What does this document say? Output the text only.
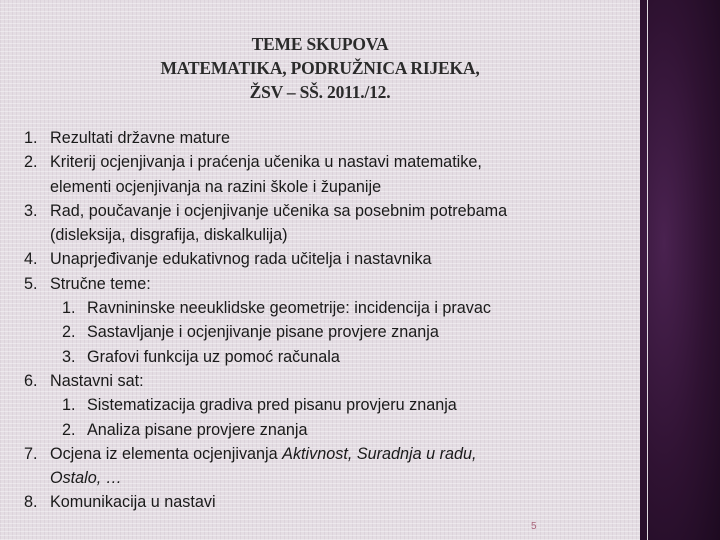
TEME SKUPOVA
MATEMATIKA, PODRUŽNICA RIJEKA,
ŽSV – SŠ. 2011./12.
1. Rezultati državne mature
2. Kriterij ocjenjivanja i praćenja učenika u nastavi matematike,
elementi ocjenjivanja na razini škole i županije
3. Rad, poučavanje i ocjenjivanje učenika sa posebnim potrebama
(disleksija, disgrafija, diskalkulija)
4. Unaprjeđivanje edukativnog rada učitelja i nastavnika
5. Stručne teme:
1. Ravnininske neeuklidske geometrije: incidencija i pravac
2. Sastavljanje i ocjenjivanje pisane provjere znanja
3. Grafovi funkcija uz pomoć računala
6. Nastavni sat:
1. Sistematizacija gradiva pred pisanu provjeru znanja
2. Analiza pisane provjere znanja
7. Ocjena iz elementa ocjenjivanja Aktivnost, Suradnja u radu,
Ostalo, …
8. Komunikacija u nastavi
5
